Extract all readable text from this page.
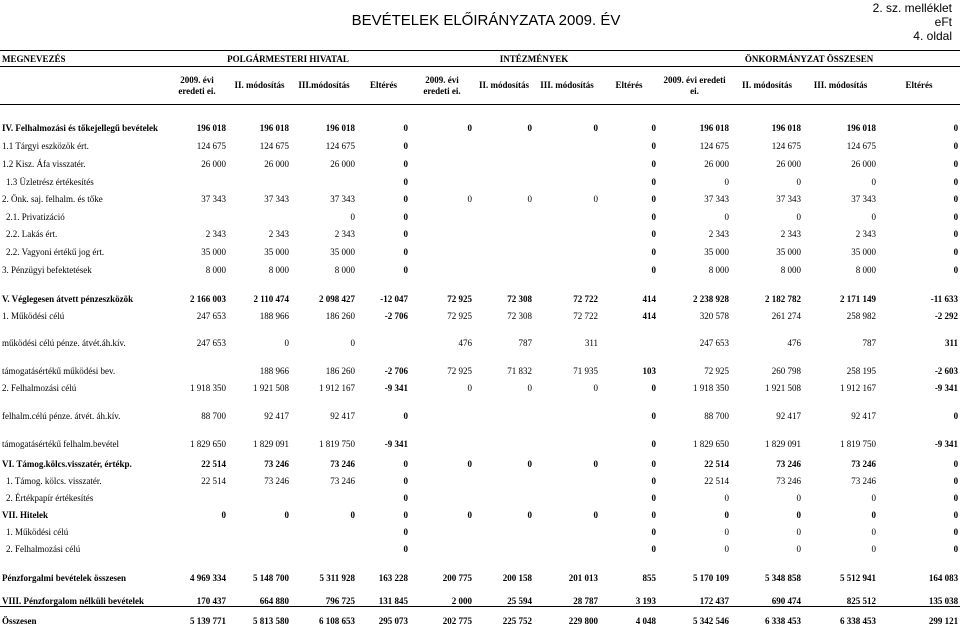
BEVÉTELEK ELŐIRÁNYZATA 2009. ÉV
2. sz. melléklet
eFt
4. oldal
MEGNEVEZÉS	POLGÁRMESTERI HIVATAL				INTÉZMÉNYEK				ÖNKORMÁNYZAT ÖSSZESEN			
	2009. évi eredeti ei.	II. módosítás	III.módosítás	Eltérés	2009. évi eredeti ei.	II. módosítás	III. módosítás	Eltérés	2009. évi eredeti ei.	II. módosítás	III. módosítás	Eltérés
IV. Felhalmozási és tőkejellegű bevételek	196 018	196 018	196 018	0	0	0	0	0	196 018	196 018	196 018	0
1.1 Tárgyi eszközök ért.	124 675	124 675	124 675	0				0	124 675	124 675	124 675	0
1.2 Kisz. Áfa visszatér.	26 000	26 000	26 000	0				0	26 000	26 000	26 000	0
1.3 Üzletrész értékesítés				0				0	0	0	0	0
2. Önk. saj. felhalm. és tőke	37 343	37 343	37 343	0	0	0	0	0	37 343	37 343	37 343	0
2.1. Privatizáció			0	0				0	0	0	0	0
2.2. Lakás ért.	2 343	2 343	2 343	0				0	2 343	2 343	2 343	0
2.2. Vagyoni értékű jog ért.	35 000	35 000	35 000	0				0	35 000	35 000	35 000	0
3. Pénzügyi befektetések	8 000	8 000	8 000	0				0	8 000	8 000	8 000	0
V. Véglegesen átvett pénzeszközök	2 166 003	2 110 474	2 098 427	-12 047	72 925	72 308	72 722	414	2 238 928	2 182 782	2 171 149	-11 633
1. Működési célú	247 653	188 966	186 260	-2 706	72 925	72 308	72 722	414	320 578	261 274	258 982	-2 292
működési célú pénze. átvét.áh.kív.	247 653	0	0		476	787	311		247 653	476	787	311
támogatásértékű működési bev.		188 966	186 260	-2 706	72 925	71 832	71 935	103	72 925	260 798	258 195	-2 603
2. Felhalmozási célú	1 918 350	1 921 508	1 912 167	-9 341	0	0	0	0	1 918 350	1 921 508	1 912 167	-9 341
felhalm.célú pénze. átvét. áh.kív.	88 700	92 417	92 417	0				0	88 700	92 417	92 417	0
támogatásértékű felhalm.bevétel	1 829 650	1 829 091	1 819 750	-9 341				0	1 829 650	1 829 091	1 819 750	-9 341
VI. Támog.kölcs.visszatér, értékp.	22 514	73 246	73 246	0	0	0	0	0	22 514	73 246	73 246	0
1. Támog. kölcs. visszatér.	22 514	73 246	73 246	0				0	22 514	73 246	73 246	0
2. Értékpapír értékesítés				0				0	0	0	0	0
VII. Hitelek	0	0	0	0	0	0	0	0	0	0	0	0
1. Működési célú				0				0	0	0	0	0
2. Felhalmozási célú				0				0	0	0	0	0
Pénzforgalmi bevételek összesen	4 969 334	5 148 700	5 311 928	163 228	200 775	200 158	201 013	855	5 170 109	5 348 858	5 512 941	164 083
VIII. Pénzforgalom nélküli bevételek	170 437	664 880	796 725	131 845	2 000	25 594	28 787	3 193	172 437	690 474	825 512	135 038
Összesen	5 139 771	5 813 580	6 108 653	295 073	202 775	225 752	229 800	4 048	5 342 546	6 338 453	6 338 453	299 121
